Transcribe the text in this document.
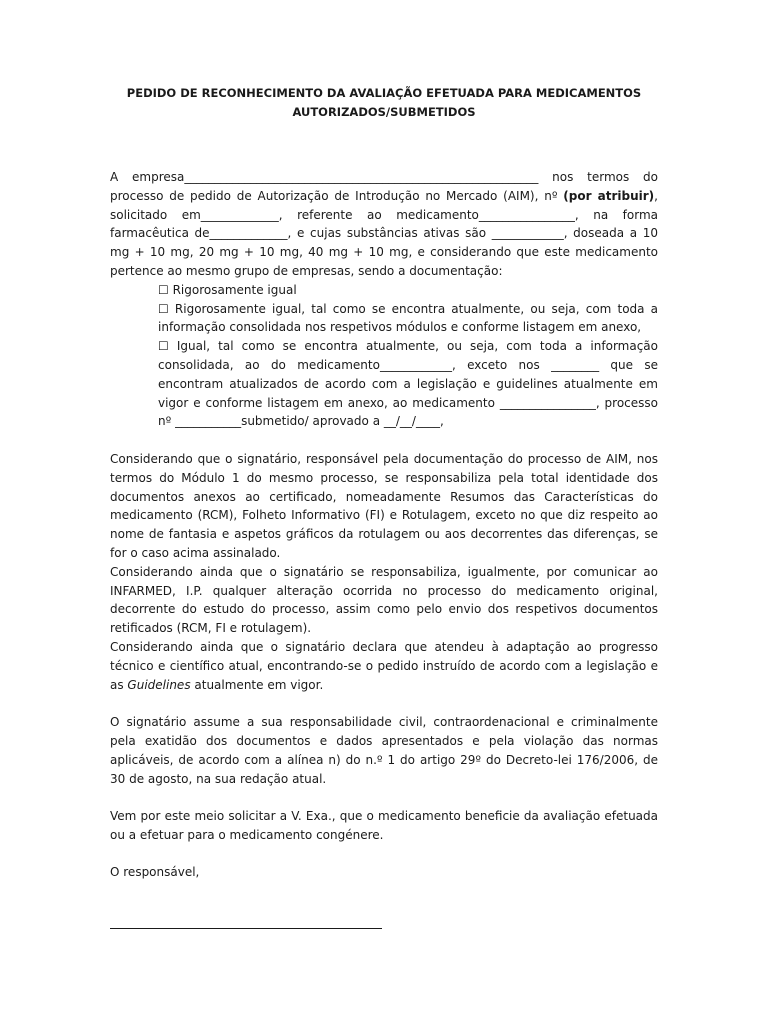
PEDIDO DE RECONHECIMENTO DA AVALIAÇÃO EFETUADA PARA MEDICAMENTOS
AUTORIZADOS/SUBMETIDOS

A empresa___________________________________________________________ nos termos do processo de pedido de Autorização de Introdução no Mercado (AIM), nº (por atribuir), solicitado em_____________, referente ao medicamento________________, na forma farmacêutica de_____________, e cujas substâncias ativas são ____________, doseada a 10 mg + 10 mg, 20 mg + 10 mg, 40 mg + 10 mg, e considerando que este medicamento pertence ao mesmo grupo de empresas, sendo a documentação:

☐ Rigorosamente igual

☐ Rigorosamente igual, tal como se encontra atualmente, ou seja, com toda a informação consolidada nos respetivos módulos e conforme listagem em anexo,

☐ Igual, tal como se encontra atualmente, ou seja, com toda a informação consolidada, ao do medicamento____________, exceto nos ________ que se encontram atualizados de acordo com a legislação e guidelines atualmente em vigor e conforme listagem em anexo, ao medicamento ________________, processo nº ___________submetido/ aprovado a __/__/____,

Considerando que o signatário, responsável pela documentação do processo de AIM, nos termos do Módulo 1 do mesmo processo, se responsabiliza pela total identidade dos documentos anexos ao certificado, nomeadamente Resumos das Características do medicamento (RCM), Folheto Informativo (FI) e Rotulagem, exceto no que diz respeito ao nome de fantasia e aspetos gráficos da rotulagem ou aos decorrentes das diferenças, se for o caso acima assinalado.

Considerando ainda que o signatário se responsabiliza, igualmente, por comunicar ao INFARMED, I.P. qualquer alteração ocorrida no processo do medicamento original, decorrente do estudo do processo, assim como pelo envio dos respetivos documentos retificados (RCM, FI e rotulagem).

Considerando ainda que o signatário declara que atendeu à adaptação ao progresso técnico e científico atual, encontrando-se o pedido instruído de acordo com a legislação e as Guidelines atualmente em vigor.

O signatário assume a sua responsabilidade civil, contraordenacional e criminalmente pela exatidão dos documentos e dados apresentados e pela violação das normas aplicáveis, de acordo com a alínea n) do n.º 1 do artigo 29º do Decreto-lei 176/2006, de 30 de agosto, na sua redação atual.

Vem por este meio solicitar a V. Exa., que o medicamento beneficie da avaliação efetuada ou a efetuar para o medicamento congénere.

O responsável,
